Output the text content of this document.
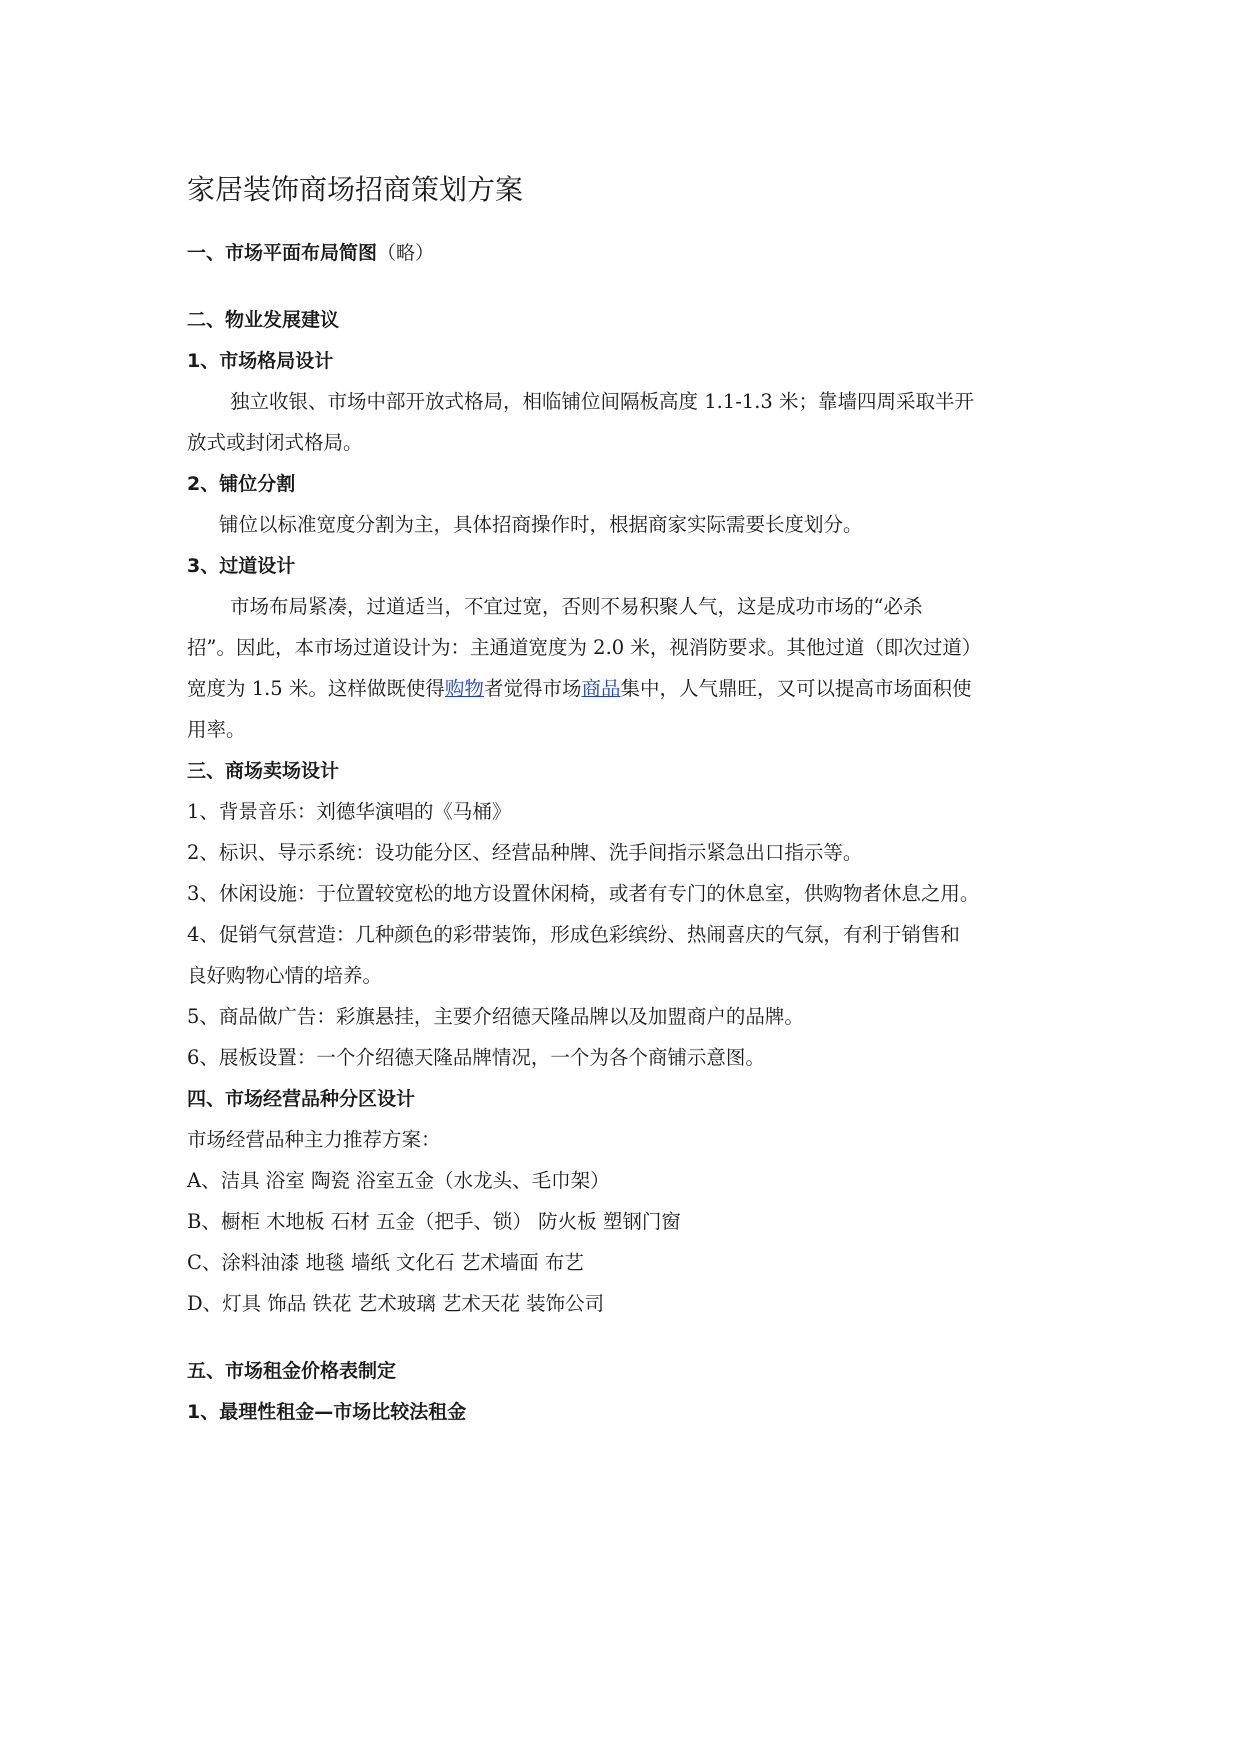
家居装饰商场招商策划方案

一、市场平面布局简图（略）

二、物业发展建议

1、市场格局设计

独立收银、市场中部开放式格局，相临铺位间隔板高度 1.1-1.3 米；靠墙四周采取半开

放式或封闭式格局。

2、铺位分割

铺位以标准宽度分割为主，具体招商操作时，根据商家实际需要长度划分。

3、过道设计

市场布局紧凑，过道适当，不宜过宽，否则不易积聚人气，这是成功市场的“必杀

招”。因此，本市场过道设计为：主通道宽度为 2.0 米，视消防要求。其他过道（即次过道）

宽度为 1.5 米。这样做既使得购物者觉得市场商品集中，人气鼎旺，又可以提高市场面积使

用率。

三、商场卖场设计

1、背景音乐：刘德华演唱的《马桶》

2、标识、导示系统：设功能分区、经营品种牌、洗手间指示紧急出口指示等。

3、休闲设施：于位置较宽松的地方设置休闲椅，或者有专门的休息室，供购物者休息之用。

4、促销气氛营造：几种颜色的彩带装饰，形成色彩缤纷、热闹喜庆的气氛，有利于销售和

良好购物心情的培养。

5、商品做广告：彩旗悬挂，主要介绍德天隆品牌以及加盟商户的品牌。

6、展板设置：一个介绍德天隆品牌情况，一个为各个商铺示意图。

四、市场经营品种分区设计

市场经营品种主力推荐方案：

A、洁具 浴室 陶瓷 浴室五金（水龙头、毛巾架）

B、橱柜 木地板 石材 五金（把手、锁） 防火板 塑钢门窗

C、涂料油漆 地毯 墙纸 文化石 艺术墙面 布艺

D、灯具 饰品 铁花 艺术玻璃 艺术天花 装饰公司

五、市场租金价格表制定

1、最理性租金—市场比较法租金
